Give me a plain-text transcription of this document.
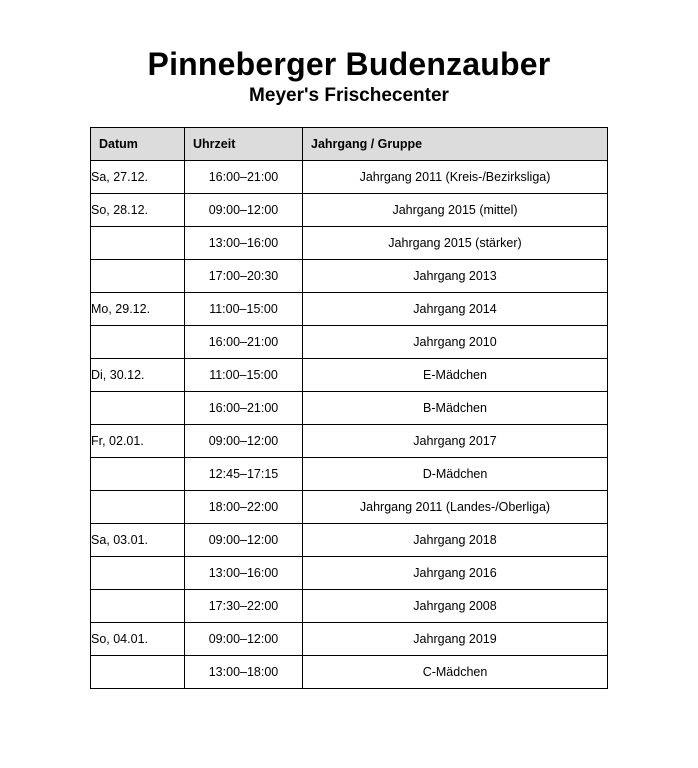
Pinneberger Budenzauber
Meyer's Frischecenter
Datum	Uhrzeit	Jahrgang / Gruppe
Sa, 27.12.	16:00–21:00	Jahrgang 2011 (Kreis-/Bezirksliga)
So, 28.12.	09:00–12:00	Jahrgang 2015 (mittel)
	13:00–16:00	Jahrgang 2015 (stärker)
	17:00–20:30	Jahrgang 2013
Mo, 29.12.	11:00–15:00	Jahrgang 2014
	16:00–21:00	Jahrgang 2010
Di, 30.12.	11:00–15:00	E-Mädchen
	16:00–21:00	B-Mädchen
Fr, 02.01.	09:00–12:00	Jahrgang 2017
	12:45–17:15	D-Mädchen
	18:00–22:00	Jahrgang 2011 (Landes-/Oberliga)
Sa, 03.01.	09:00–12:00	Jahrgang 2018
	13:00–16:00	Jahrgang 2016
	17:30–22:00	Jahrgang 2008
So, 04.01.	09:00–12:00	Jahrgang 2019
	13:00–18:00	C-Mädchen
